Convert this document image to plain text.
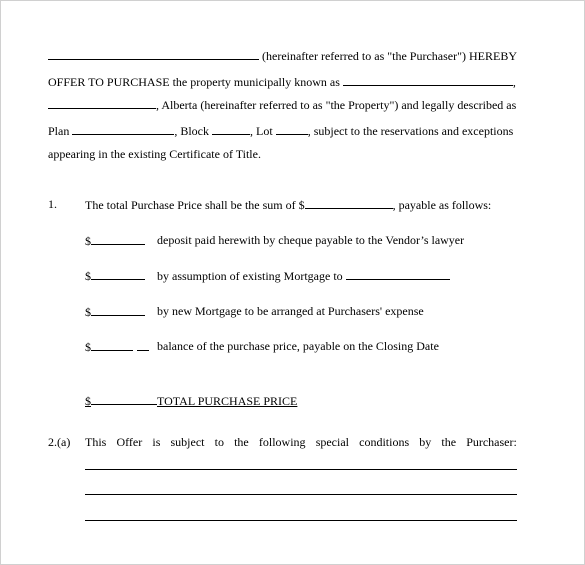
(hereinafter referred to as "the Purchaser") HEREBY
OFFER TO PURCHASE the property municipally known as	,
, Alberta (hereinafter referred to as "the Property") and legally described as
Plan	, Block	, Lot	, subject to the reservations and exceptions
appearing in the existing Certificate of Title.
1. The total Purchase Price shall be the sum of $	, payable as follows:
$	deposit paid herewith by cheque payable to the Vendor’s lawyer
$	by assumption of existing Mortgage to
$	by new Mortgage to be arranged at Purchasers' expense
$	balance of the purchase price, payable on the Closing Date
$	TOTAL PURCHASE PRICE
2.(a) This Offer is subject to the following special conditions by the Purchaser:
